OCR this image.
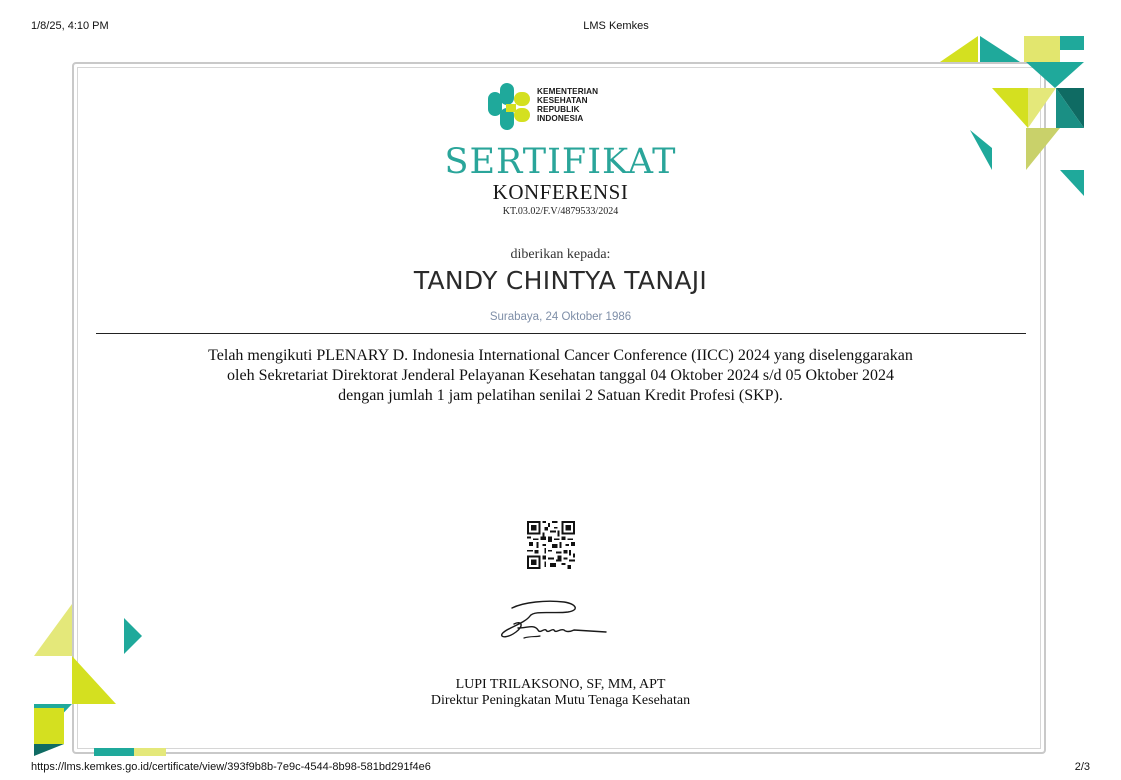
1/8/25, 4:10 PM	LMS Kemkes
KEMENTERIAN
KESEHATAN
REPUBLIK
INDONESIA
SERTIFIKAT
KONFERENSI
KT.03.02/F.V/4879533/2024
diberikan kepada:
TANDY CHINTYA TANAJI
Surabaya, 24 Oktober 1986
Telah mengikuti PLENARY D. Indonesia International Cancer Conference (IICC) 2024 yang diselenggarakan
oleh Sekretariat Direktorat Jenderal Pelayanan Kesehatan tanggal 04 Oktober 2024 s/d 05 Oktober 2024
dengan jumlah 1 jam pelatihan senilai 2 Satuan Kredit Profesi (SKP).
LUPI TRILAKSONO, SF, MM, APT
Direktur Peningkatan Mutu Tenaga Kesehatan
https://lms.kemkes.go.id/certificate/view/393f9b8b-7e9c-4544-8b98-581bd291f4e6	2/3
